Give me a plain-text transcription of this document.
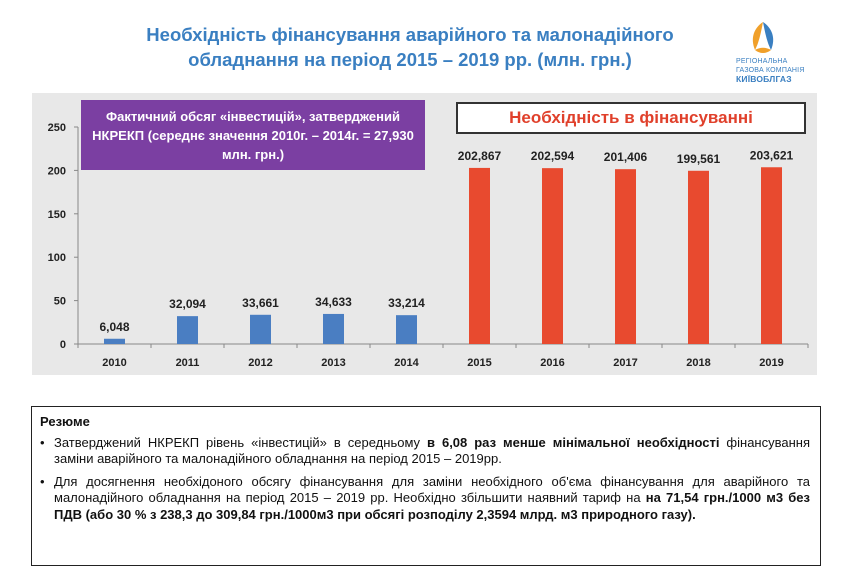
Необхідність фінансування аварійного та малонадійного
обладнання на період 2015 – 2019 рр. (млн. грн.)	РЕГІОНАЛЬНА
ГАЗОВА КОМПАНІЯ
КИЇВОБЛГАЗ
0
50
100
150
200
250
6,048
2010
32,094
2011
33,661
2012
34,633
2013
33,214
2014
202,867
2015
202,594
2016
201,406
2017
199,561
2018
203,621
2019
Фактичний обсяг «інвестицій», затверджений НКРЕКП (середнє значення 2010г. – 2014г. = 27,930 млн. грн.)
Необхідність в фінансуванні
Резюме
• Затверджений НКРЕКП рівень «інвестицій» в середньому в 6,08 раз менше мінімальної необхідності фінансування заміни аварійного та малонадійного обладнання на період 2015 – 2019рр.
• Для досягнення необхідоного обсягу фінансування для заміни необхідного об'єма фінансування для аварійного та малонадійного обладнання на період 2015 – 2019 рр. Необхідно збільшити наявний тариф на на 71,54 грн./1000 м3 без ПДВ (або 30 % з 238,3 до 309,84 грн./1000м3 при обсягі розподілу 2,3594 млрд. м3 природного газу).
